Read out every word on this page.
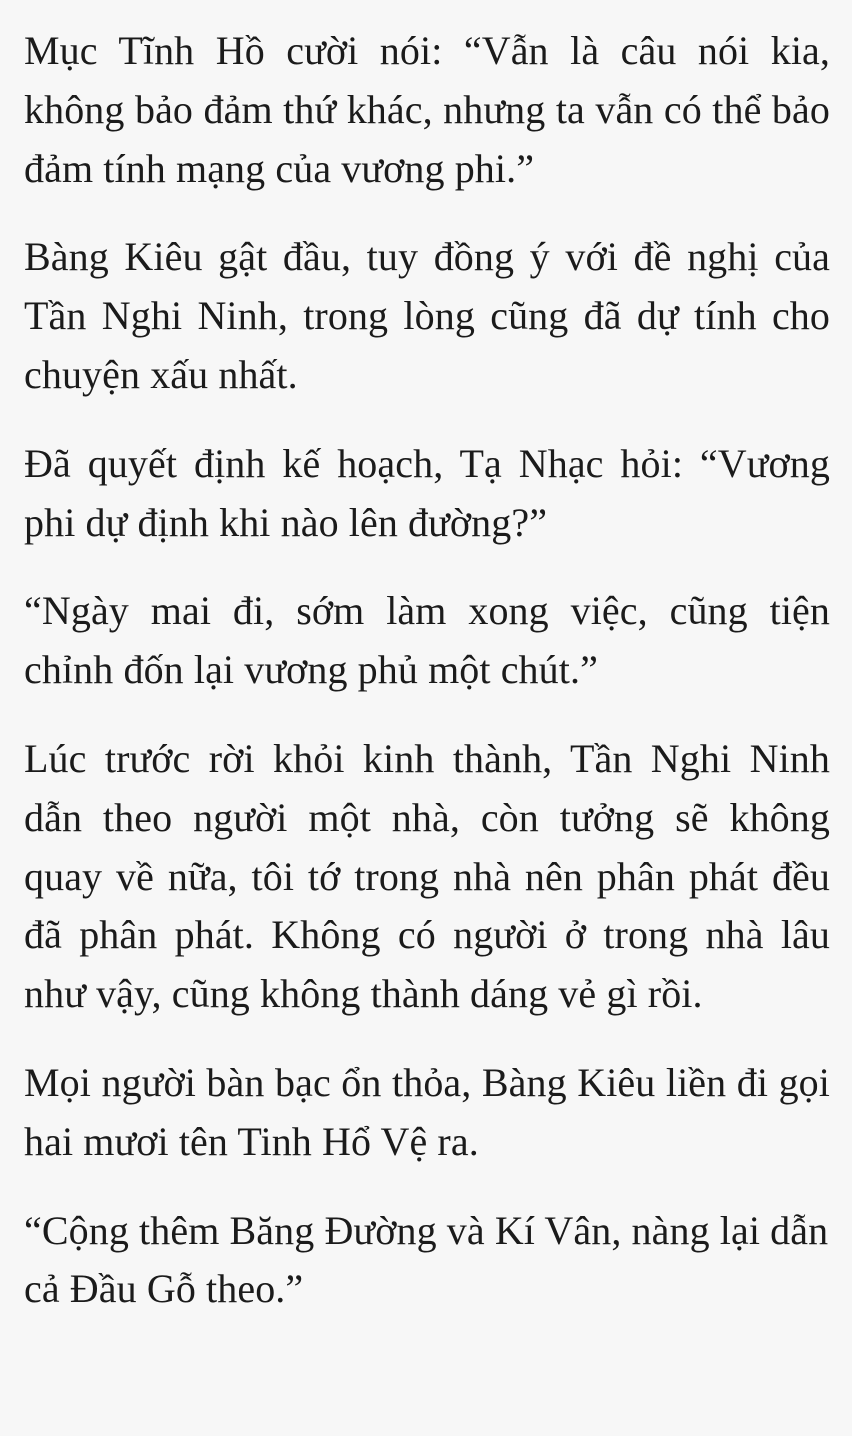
Mục Tĩnh Hồ cười nói: “Vẫn là câu nói kia, không bảo đảm thứ khác, nhưng ta vẫn có thể bảo đảm tính mạng của vương phi.”

Bàng Kiêu gật đầu, tuy đồng ý với đề nghị của Tần Nghi Ninh, trong lòng cũng đã dự tính cho chuyện xấu nhất.

Đã quyết định kế hoạch, Tạ Nhạc hỏi: “Vương phi dự định khi nào lên đường?”

“Ngày mai đi, sớm làm xong việc, cũng tiện chỉnh đốn lại vương phủ một chút.”

Lúc trước rời khỏi kinh thành, Tần Nghi Ninh dẫn theo người một nhà, còn tưởng sẽ không quay về nữa, tôi tớ trong nhà nên phân phát đều đã phân phát. Không có người ở trong nhà lâu như vậy, cũng không thành dáng vẻ gì rồi.

Mọi người bàn bạc ổn thỏa, Bàng Kiêu liền đi gọi hai mươi tên Tinh Hổ Vệ ra.

“Cộng thêm Băng Đường và Kí Vân, nàng lại dẫn cả Đầu Gỗ theo.”
